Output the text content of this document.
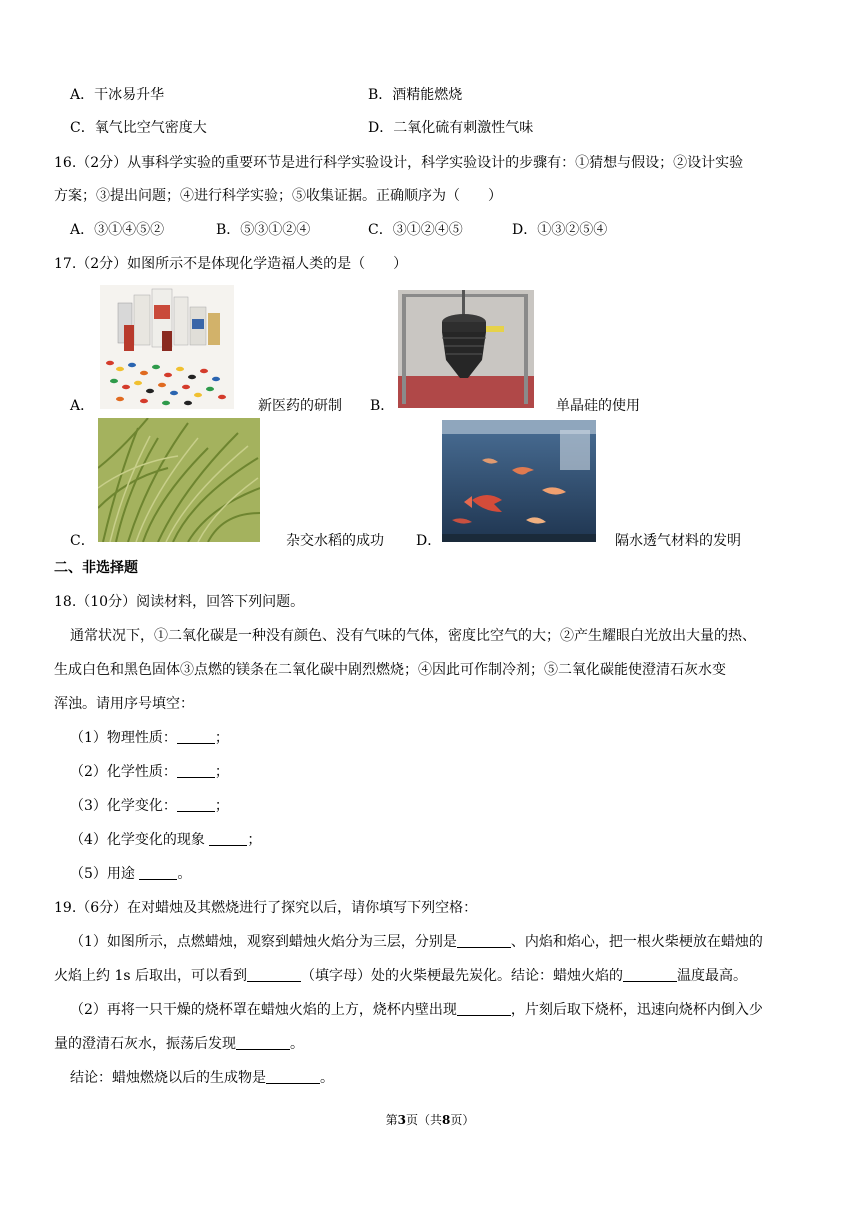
A．干冰易升华	B．酒精能燃烧
C．氧气比空气密度大	D．二氧化硫有刺激性气味
16.（2分）从事科学实验的重要环节是进行科学实验设计，科学实验设计的步骤有：①猜想与假设；②设计实验
方案；③提出问题；④进行科学实验；⑤收集证据。正确顺序为（　　）
A．③①④⑤②	B．⑤③①②④	C．③①②④⑤	D．①③②⑤④
17.（2分）如图所示不是体现化学造福人类的是（　　）
A．	新医药的研制 B．	单晶硅的使用
C．	杂交水稻的成功 D．	隔水透气材料的发明
二、非选择题
18.（10分）阅读材料，回答下列问题。
通常状况下，①二氧化碳是一种没有颜色、没有气味的气体，密度比空气的大；②产生耀眼白光放出大量的热、
生成白色和黑色固体③点燃的镁条在二氧化碳中剧烈燃烧；④因此可作制冷剂；⑤二氧化碳能使澄清石灰水变
浑浊。请用序号填空：
（1）物理性质：	；
（2）化学性质：	；
（3）化学变化：	；
（4）化学变化的现象	；
（5）用途	。
19.（6分）在对蜡烛及其燃烧进行了探究以后，请你填写下列空格：
（1）如图所示，点燃蜡烛，观察到蜡烛火焰分为三层，分别是	、内焰和焰心，把一根火柴梗放在蜡烛的
火焰上约 1s 后取出，可以看到	（填字母）处的火柴梗最先炭化。结论：蜡烛火焰的	温度最高。
（2）再将一只干燥的烧杯罩在蜡烛火焰的上方，烧杯内壁出现	，片刻后取下烧杯，迅速向烧杯内倒入少
量的澄清石灰水，振荡后发现	。
结论：蜡烛燃烧以后的生成物是	。
第3页（共8页）
